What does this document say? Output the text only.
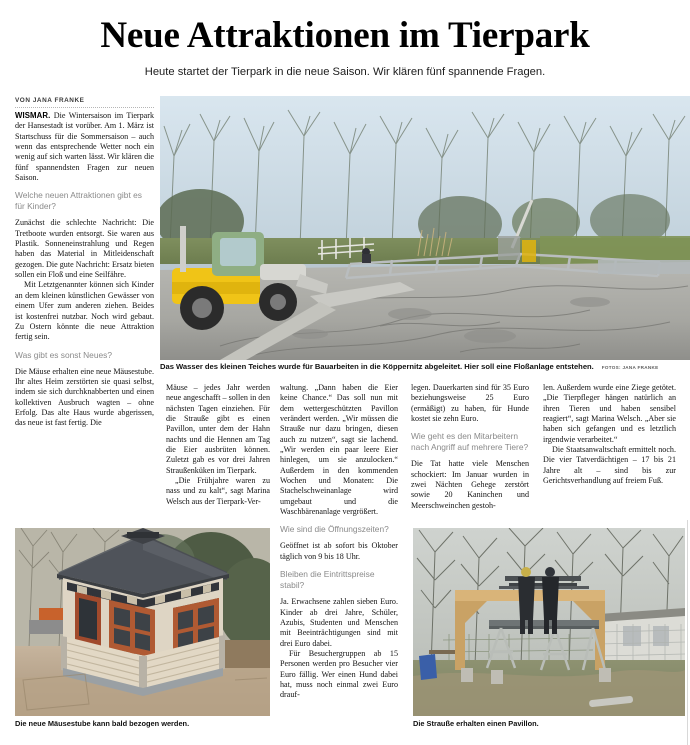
Neue Attraktionen im Tierpark
Heute startet der Tierpark in die neue Saison. Wir klären fünf spannende Fragen.
VON JANA FRANKE

WISMAR. Die Wintersaison im Tierpark der Hansestadt ist vorüber. Am 1. März ist Startschuss für die Sommersaison – auch wenn das entsprechende Wetter noch ein wenig auf sich warten lässt. Wir klären die fünf spannendsten Fragen zur neuen Saison.

Welche neuen Attraktionen gibt es für Kinder?

Zunächst die schlechte Nachricht: Die Tretboote wurden entsorgt. Sie waren aus Plastik. Sonneneinstrahlung und Regen haben das Material in Mitleidenschaft gezogen. Die gute Nachricht: Ersatz bieten sollen ein Floß und eine Seilfähre.

Mit Letztgenannter können sich Kinder an dem kleinen künstlichen Gewässer von einem Ufer zum anderen ziehen. Beides ist kostenfrei nutzbar. Noch wird gebaut. Zu Ostern könnte die neue Attraktion fertig sein.

Was gibt es sonst Neues?

Die Mäuse erhalten eine neue Mäusestube. Ihr altes Heim zerstörten sie quasi selbst, indem sie sich durchknabberten und einen kollektiven Ausbruch wagten – ohne Erfolg. Das alte Haus wurde abgerissen, das neue ist fast fertig. Die

Das Wasser des kleinen Teiches wurde für Bauarbeiten in die Köppernitz abgeleitet. Hier soll eine Floßanlage entstehen. FOTOS: JANA FRANKE

Mäuse – jedes Jahr werden neue angeschafft – sollen in den nächsten Tagen einziehen. Für die Strauße gibt es einen Pavillon, unter dem der Hahn nachts und die Hennen am Tag die Eier ausbrüten können. Zuletzt gab es vor drei Jahren Straußenküken im Tierpark.

„Die Frühjahre waren zu nass und zu kalt“, sagt Marina Welsch aus der Tierpark-Ver-

waltung. „Dann haben die Eier keine Chance.“ Das soll nun mit dem wettergeschützten Pavillon verändert werden. „Wir müssen die Strauße nur dazu bringen, diesen auch zu nutzen“, sagt sie lachend. „Wir werden ein paar leere Eier hinlegen, um sie anzulocken.“ Außerdem in den kommenden Wochen und Monaten: Die Stachelschweinanlage wird umgebaut und die Waschbärenanlage vergrößert.

Wie sind die Öffnungszeiten?

Geöffnet ist ab sofort bis Oktober täglich von 9 bis 18 Uhr.

Bleiben die Eintrittspreise stabil?

Ja. Erwachsene zahlen sieben Euro. Kinder ab drei Jahre, Schüler, Azubis, Studenten und Menschen mit Beeinträchtigungen sind mit drei Euro dabei.

Für Besuchergruppen ab 15 Personen werden pro Besucher vier Euro fällig. Wer einen Hund dabei hat, muss noch einmal zwei Euro drauf-

legen. Dauerkarten sind für 35 Euro beziehungsweise 25 Euro (ermäßigt) zu haben, für Hunde kostet sie zehn Euro.

Wie geht es den Mitarbeitern nach Angriff auf mehrere Tiere?

Die Tat hatte viele Menschen schockiert: Im Januar wurden in zwei Nächten Gehege zerstört sowie 20 Kaninchen und Meerschweinchen gestoh-

len. Außerdem wurde eine Ziege getötet. „Die Tierpfleger hängen natürlich an ihren Tieren und haben sensibel reagiert“, sagt Marina Welsch. „Aber sie haben sich gefangen und es letztlich irgendwie verarbeitet.“

Die Staatsanwaltschaft ermittelt noch. Die vier Tatverdächtigen – 17 bis 21 Jahre alt – sind bis zur Gerichtsverhandlung auf freiem Fuß.

Die neue Mäusestube kann bald bezogen werden.	Die Strauße erhalten einen Pavillon.
